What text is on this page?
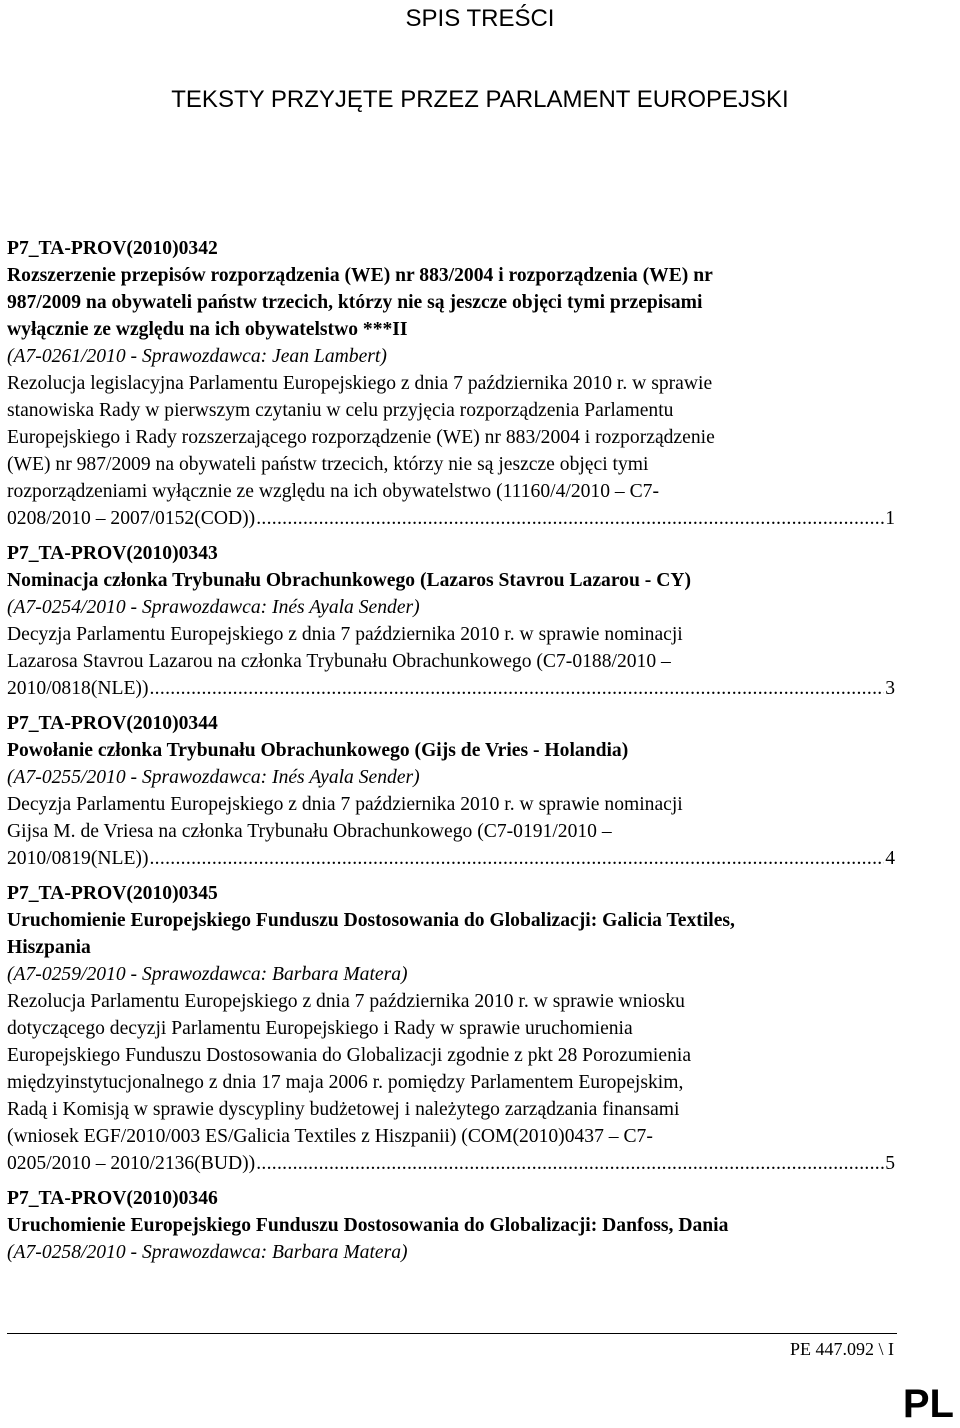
SPIS TREŚCI
TEKSTY PRZYJĘTE PRZEZ PARLAMENT EUROPEJSKI
P7_TA-PROV(2010)0342
Rozszerzenie przepisów rozporządzenia (WE) nr 883/2004 i rozporządzenia (WE) nr
987/2009 na obywateli państw trzecich, którzy nie są jeszcze objęci tymi przepisami
wyłącznie ze względu na ich obywatelstwo ***II
(A7-0261/2010 - Sprawozdawca: Jean Lambert)
Rezolucja legislacyjna Parlamentu Europejskiego z dnia 7 października 2010 r. w sprawie
stanowiska Rady w pierwszym czytaniu w celu przyjęcia rozporządzenia Parlamentu
Europejskiego i Rady rozszerzającego rozporządzenie (WE) nr 883/2004 i rozporządzenie
(WE) nr 987/2009 na obywateli państw trzecich, którzy nie są jeszcze objęci tymi
rozporządzeniami wyłącznie ze względu na ich obywatelstwo (11160/4/2010 – C7-
0208/2010 – 2007/0152(COD)) .....	1
P7_TA-PROV(2010)0343
Nominacja członka Trybunału Obrachunkowego (Lazaros Stavrou Lazarou - CY)
(A7-0254/2010 - Sprawozdawca: Inés Ayala Sender)
Decyzja Parlamentu Europejskiego z dnia 7 października 2010 r. w sprawie nominacji
Lazarosa Stavrou Lazarou na członka Trybunału Obrachunkowego (C7-0188/2010 –
2010/0818(NLE)) .....	3
P7_TA-PROV(2010)0344
Powołanie członka Trybunału Obrachunkowego (Gijs de Vries - Holandia)
(A7-0255/2010 - Sprawozdawca: Inés Ayala Sender)
Decyzja Parlamentu Europejskiego z dnia 7 października 2010 r. w sprawie nominacji
Gijsa M. de Vriesa na członka Trybunału Obrachunkowego (C7-0191/2010 –
2010/0819(NLE)) .....	4
P7_TA-PROV(2010)0345
Uruchomienie Europejskiego Funduszu Dostosowania do Globalizacji: Galicia Textiles,
Hiszpania
(A7-0259/2010 - Sprawozdawca: Barbara Matera)
Rezolucja Parlamentu Europejskiego z dnia 7 października 2010 r. w sprawie wniosku
dotyczącego decyzji Parlamentu Europejskiego i Rady w sprawie uruchomienia
Europejskiego Funduszu Dostosowania do Globalizacji zgodnie z pkt 28 Porozumienia
międzyinstytucjonalnego z dnia 17 maja 2006 r. pomiędzy Parlamentem Europejskim,
Radą i Komisją w sprawie dyscypliny budżetowej i należytego zarządzania finansami
(wniosek EGF/2010/003 ES/Galicia Textiles z Hiszpanii) (COM(2010)0437 – C7-
0205/2010 – 2010/2136(BUD)) .....	5
P7_TA-PROV(2010)0346
Uruchomienie Europejskiego Funduszu Dostosowania do Globalizacji: Danfoss, Dania
(A7-0258/2010 - Sprawozdawca: Barbara Matera)
PE 447.092 \ I
PL
